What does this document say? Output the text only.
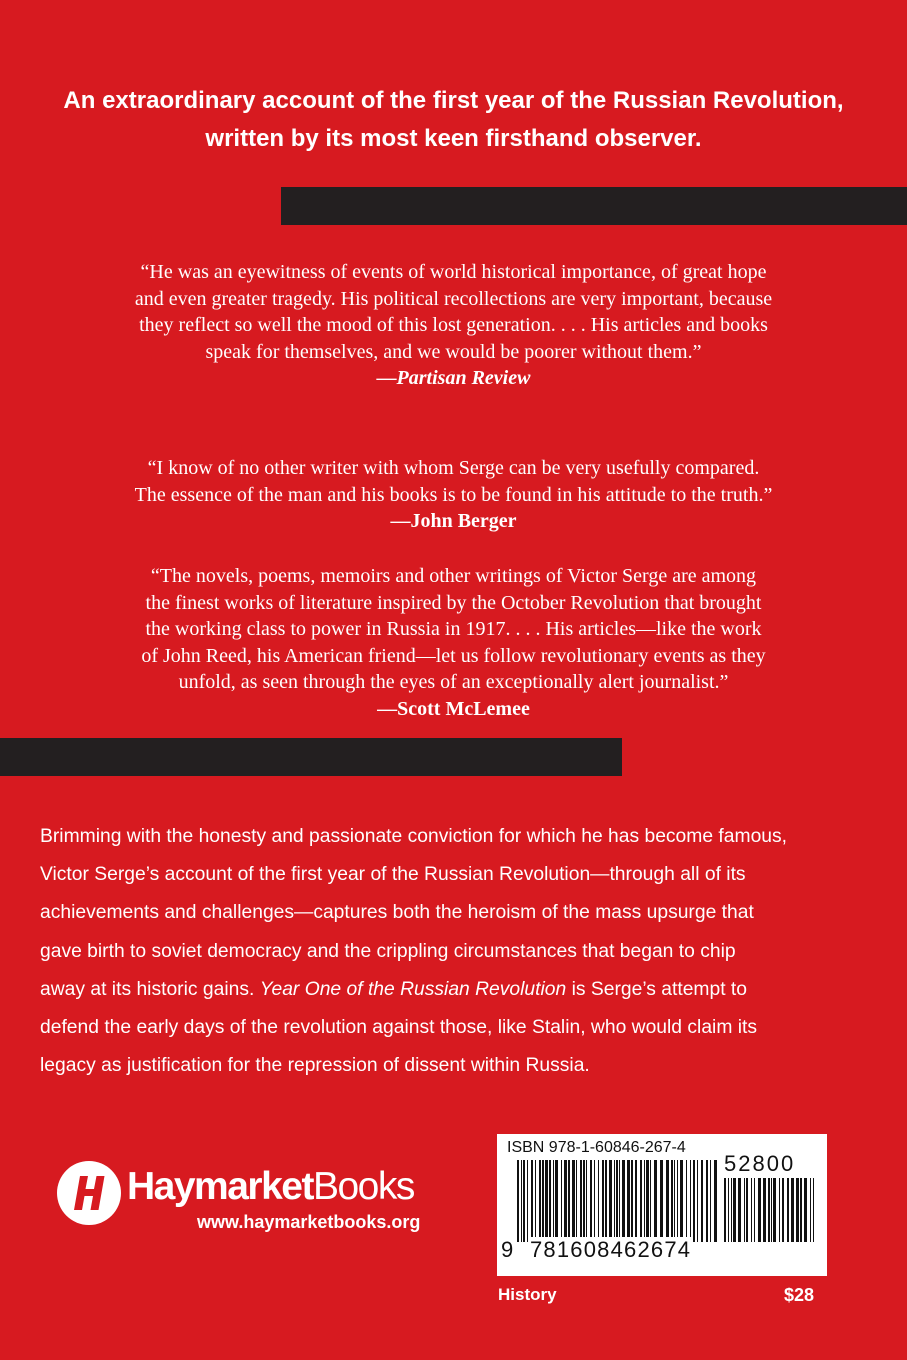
An extraordinary account of the first year of the Russian Revolution,
written by its most keen firsthand observer.

“He was an eyewitness of events of world historical importance, of great hope

and even greater tragedy. His political recollections are very important, because

they reflect so well the mood of this lost generation. . . . His articles and books

speak for themselves, and we would be poorer without them.”

—Partisan Review

“I know of no other writer with whom Serge can be very usefully compared.

The essence of the man and his books is to be found in his attitude to the truth.”

—John Berger

“The novels, poems, memoirs and other writings of Victor Serge are among

the finest works of literature inspired by the October Revolution that brought

the working class to power in Russia in 1917. . . . His articles—like the work

of John Reed, his American friend—let us follow revolutionary events as they

unfold, as seen through the eyes of an exceptionally alert journalist.”

—Scott McLemee

Brimming with the honesty and passionate conviction for which he has become famous,
Victor Serge’s account of the first year of the Russian Revolution—through all of its
achievements and challenges—captures both the heroism of the mass upsurge that
gave birth to soviet democracy and the crippling circumstances that began to chip
away at its historic gains. Year One of the Russian Revolution is Serge’s attempt to
defend the early days of the revolution against those, like Stalin, who would claim its
legacy as justification for the repression of dissent within Russia.
HaymarketBooks
www.haymarketbooks.org
ISBN 978-1-60846-267-4
52800
9 781608462674
History	$28
